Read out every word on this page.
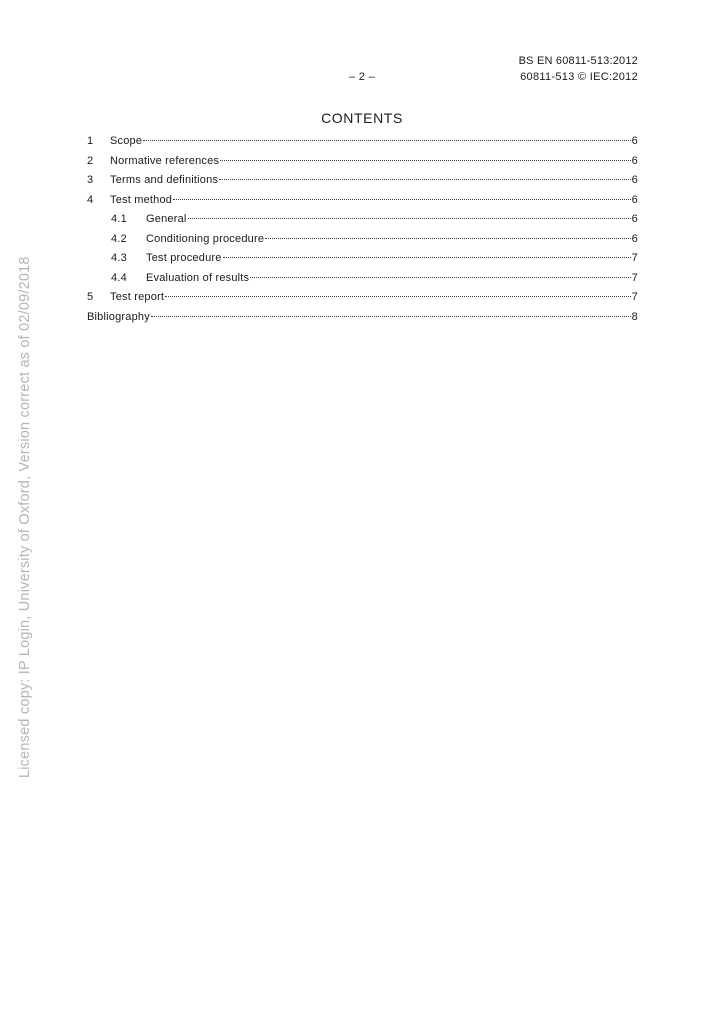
BS EN 60811-513:2012
– 2 –	60811-513 © IEC:2012
CONTENTS
1	Scope	6
2	Normative references	6
3	Terms and definitions	6
4	Test method	6
4.1	General	6
4.2	Conditioning procedure	6
4.3	Test procedure	7
4.4	Evaluation of results	7
5	Test report	7
Bibliography	8
Licensed copy: IP Login, University of Oxford, Version correct as of 02/09/2018
